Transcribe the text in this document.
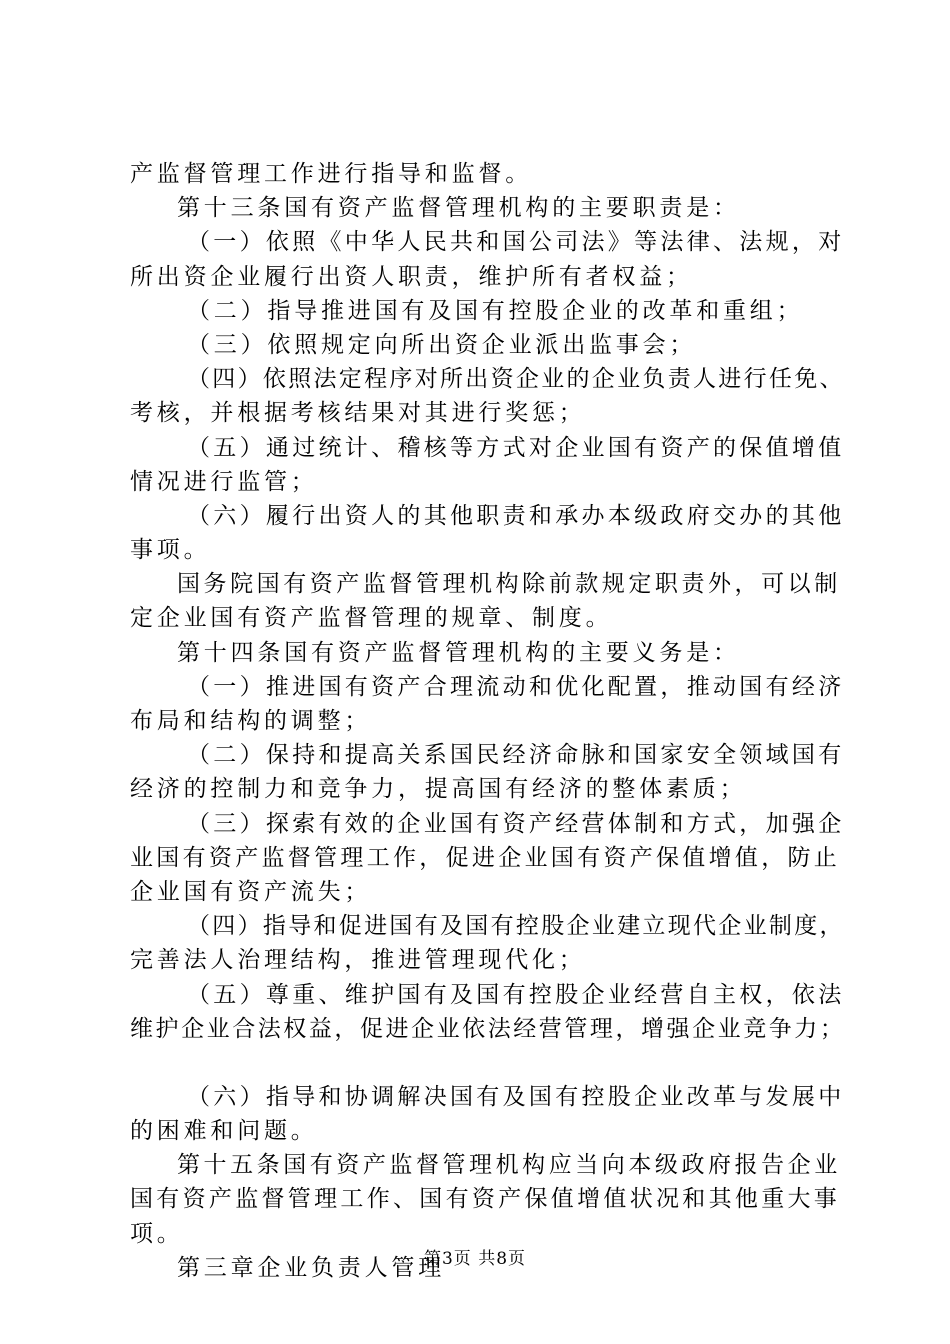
产监督管理工作进行指导和监督。
第十三条国有资产监督管理机构的主要职责是：
（一）依照《中华人民共和国公司法》等法律、法规，对
所出资企业履行出资人职责，维护所有者权益；
（二）指导推进国有及国有控股企业的改革和重组；
（三）依照规定向所出资企业派出监事会；
（四）依照法定程序对所出资企业的企业负责人进行任免、
考核，并根据考核结果对其进行奖惩；
（五）通过统计、稽核等方式对企业国有资产的保值增值
情况进行监管；
（六）履行出资人的其他职责和承办本级政府交办的其他
事项。
国务院国有资产监督管理机构除前款规定职责外，可以制
定企业国有资产监督管理的规章、制度。
第十四条国有资产监督管理机构的主要义务是：
（一）推进国有资产合理流动和优化配置，推动国有经济
布局和结构的调整；
（二）保持和提高关系国民经济命脉和国家安全领域国有
经济的控制力和竞争力，提高国有经济的整体素质；
（三）探索有效的企业国有资产经营体制和方式，加强企
业国有资产监督管理工作，促进企业国有资产保值增值，防止
企业国有资产流失；
（四）指导和促进国有及国有控股企业建立现代企业制度，
完善法人治理结构，推进管理现代化；
（五）尊重、维护国有及国有控股企业经营自主权，依法
维护企业合法权益，促进企业依法经营管理，增强企业竞争力；
（六）指导和协调解决国有及国有控股企业改革与发展中
的困难和问题。
第十五条国有资产监督管理机构应当向本级政府报告企业
国有资产监督管理工作、国有资产保值增值状况和其他重大事
项。
第三章企业负责人管理
第3页 共8页
